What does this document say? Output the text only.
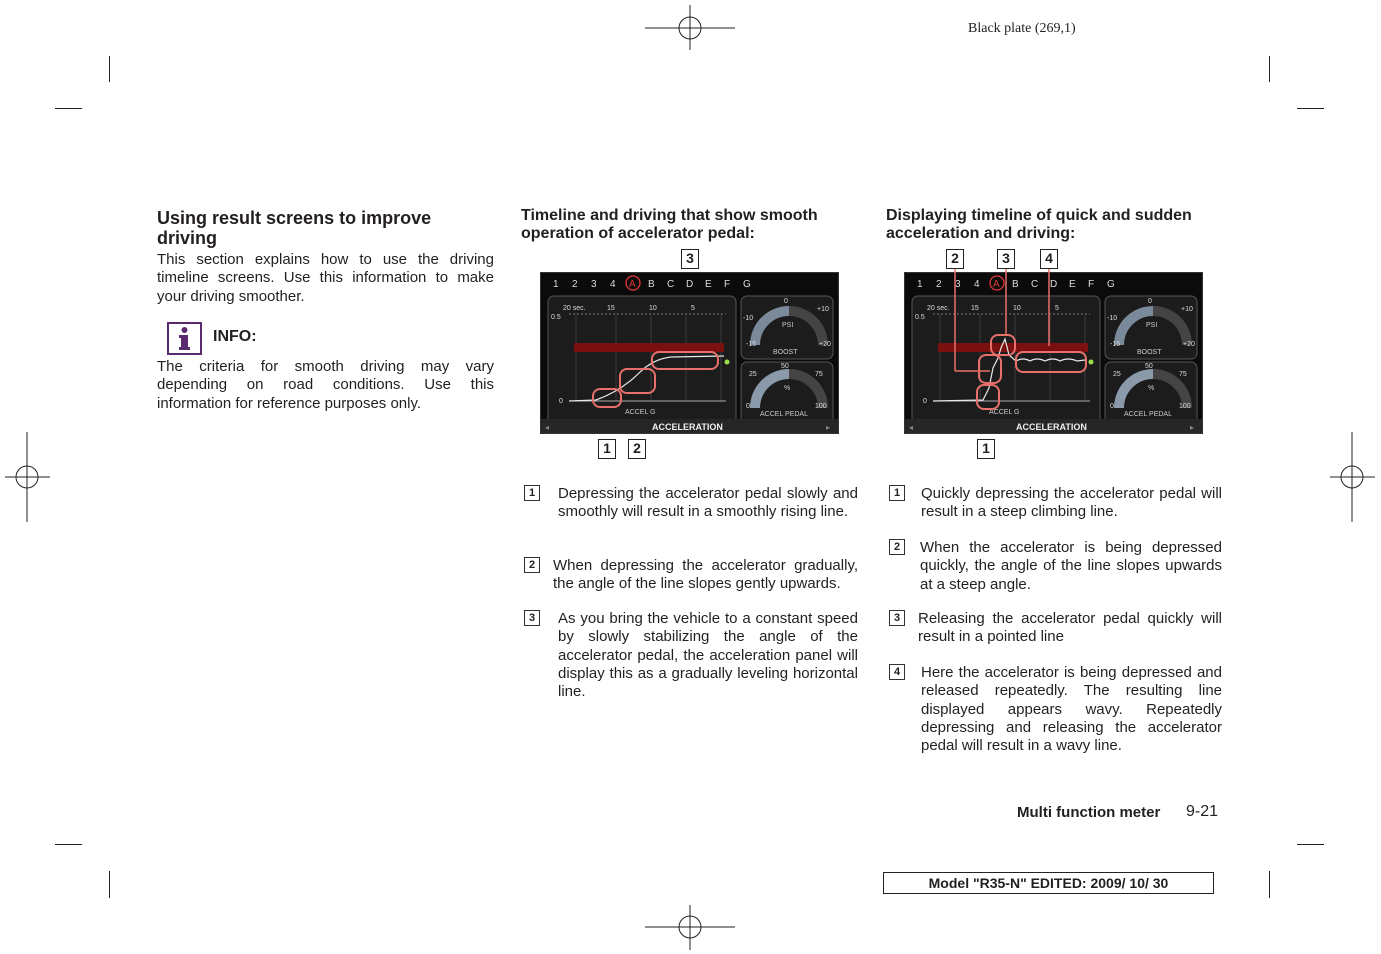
Black plate (269,1)
Using result screens to improve driving
This section explains how to use the driving timeline screens. Use this information to make your driving smoother.
INFO:
The criteria for smooth driving may vary depending on road conditions. Use this information for reference purposes only.
Timeline and driving that show smooth operation of accelerator pedal:
1 2 3 4 A B C D E F G
20 sec.	15	10	5
0.5
0
ACCEL G
-10
0
+10
-15	+20
PSI
BOOST
25
50
75
0	100
%
ACCEL PEDAL
ACCELERATION
◂	▸
3
1	2
1	Depressing the accelerator pedal slowly and smoothly will result in a smoothly rising line.
2	When depressing the accelerator gradually, the angle of the line slopes gently upwards.
3	As you bring the vehicle to a constant speed by slowly stabilizing the angle of the accelerator pedal, the acceleration panel will display this as a gradually leveling horizontal line.
Displaying timeline of quick and sudden acceleration and driving:
1 2 3 4 A B C D E F G
20 sec.	15	10	5
0.5
0
ACCEL G
-10
0
+10
-15	+20
PSI
BOOST
25
50
75
0	100
%
ACCEL PEDAL
ACCELERATION
◂	▸
2	3	4
1
1	Quickly depressing the accelerator pedal will result in a steep climbing line.
2	When the accelerator is being depressed quickly, the angle of the line slopes upwards at a steep angle.
3	Releasing the accelerator pedal quickly will result in a pointed line
4	Here the accelerator is being depressed and released repeatedly. The resulting line displayed appears wavy. Repeatedly depressing and releasing the accelerator pedal will result in a wavy line.
Multi function meter 9-21
Model "R35-N" EDITED: 2009/ 10/ 30
